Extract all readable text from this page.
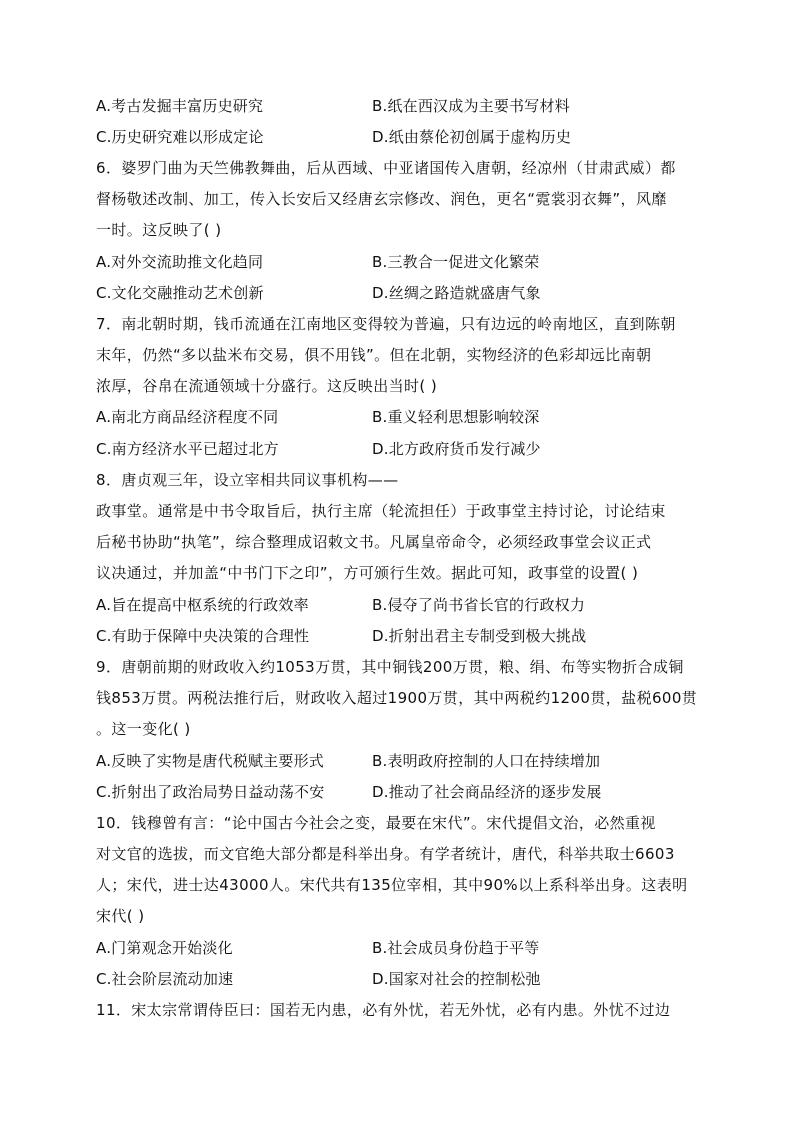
A.考古发掘丰富历史研究	B.纸在西汉成为主要书写材料
C.历史研究难以形成定论	D.纸由蔡伦初创属于虚构历史
6．婆罗门曲为天竺佛教舞曲，后从西域、中亚诸国传入唐朝，经凉州（甘肃武威）都
督杨敬述改制、加工，传入长安后又经唐玄宗修改、润色，更名“霓裳羽衣舞”，风靡
一时。这反映了( )
A.对外交流助推文化趋同	B.三教合一促进文化繁荣
C.文化交融推动艺术创新	D.丝绸之路造就盛唐气象
7．南北朝时期，钱币流通在江南地区变得较为普遍，只有边远的岭南地区，直到陈朝
末年，仍然“多以盐米布交易，俱不用钱”。但在北朝，实物经济的色彩却远比南朝
浓厚，谷帛在流通领域十分盛行。这反映出当时( )
A.南北方商品经济程度不同	B.重义轻利思想影响较深
C.南方经济水平已超过北方	D.北方政府货币发行减少
8．唐贞观三年，设立宰相共同议事机构——
政事堂。通常是中书令取旨后，执行主席（轮流担任）于政事堂主持讨论，讨论结束
后秘书协助“执笔”，综合整理成诏敕文书。凡属皇帝命令，必须经政事堂会议正式
议决通过，并加盖“中书门下之印”，方可颁行生效。据此可知，政事堂的设置( )
A.旨在提高中枢系统的行政效率	B.侵夺了尚书省长官的行政权力
C.有助于保障中央决策的合理性	D.折射出君主专制受到极大挑战
9．唐朝前期的财政收入约1053万贯，其中铜钱200万贯，粮、绢、布等实物折合成铜
钱853万贯。两税法推行后，财政收入超过1900万贯，其中两税约1200贯，盐税600贯
。这一变化( )
A.反映了实物是唐代税赋主要形式	B.表明政府控制的人口在持续增加
C.折射出了政治局势日益动荡不安	D.推动了社会商品经济的逐步发展
10．钱穆曾有言：“论中国古今社会之变，最要在宋代”。宋代提倡文治，必然重视
对文官的选拔，而文官绝大部分都是科举出身。有学者统计，唐代，科举共取士6603
人；宋代，进士达43000人。宋代共有135位宰相，其中90%以上系科举出身。这表明
宋代( )
A.门第观念开始淡化	B.社会成员身份趋于平等
C.社会阶层流动加速	D.国家对社会的控制松弛
11．宋太宗常谓侍臣曰：国若无内患，必有外忧，若无外忧，必有内患。外忧不过边
